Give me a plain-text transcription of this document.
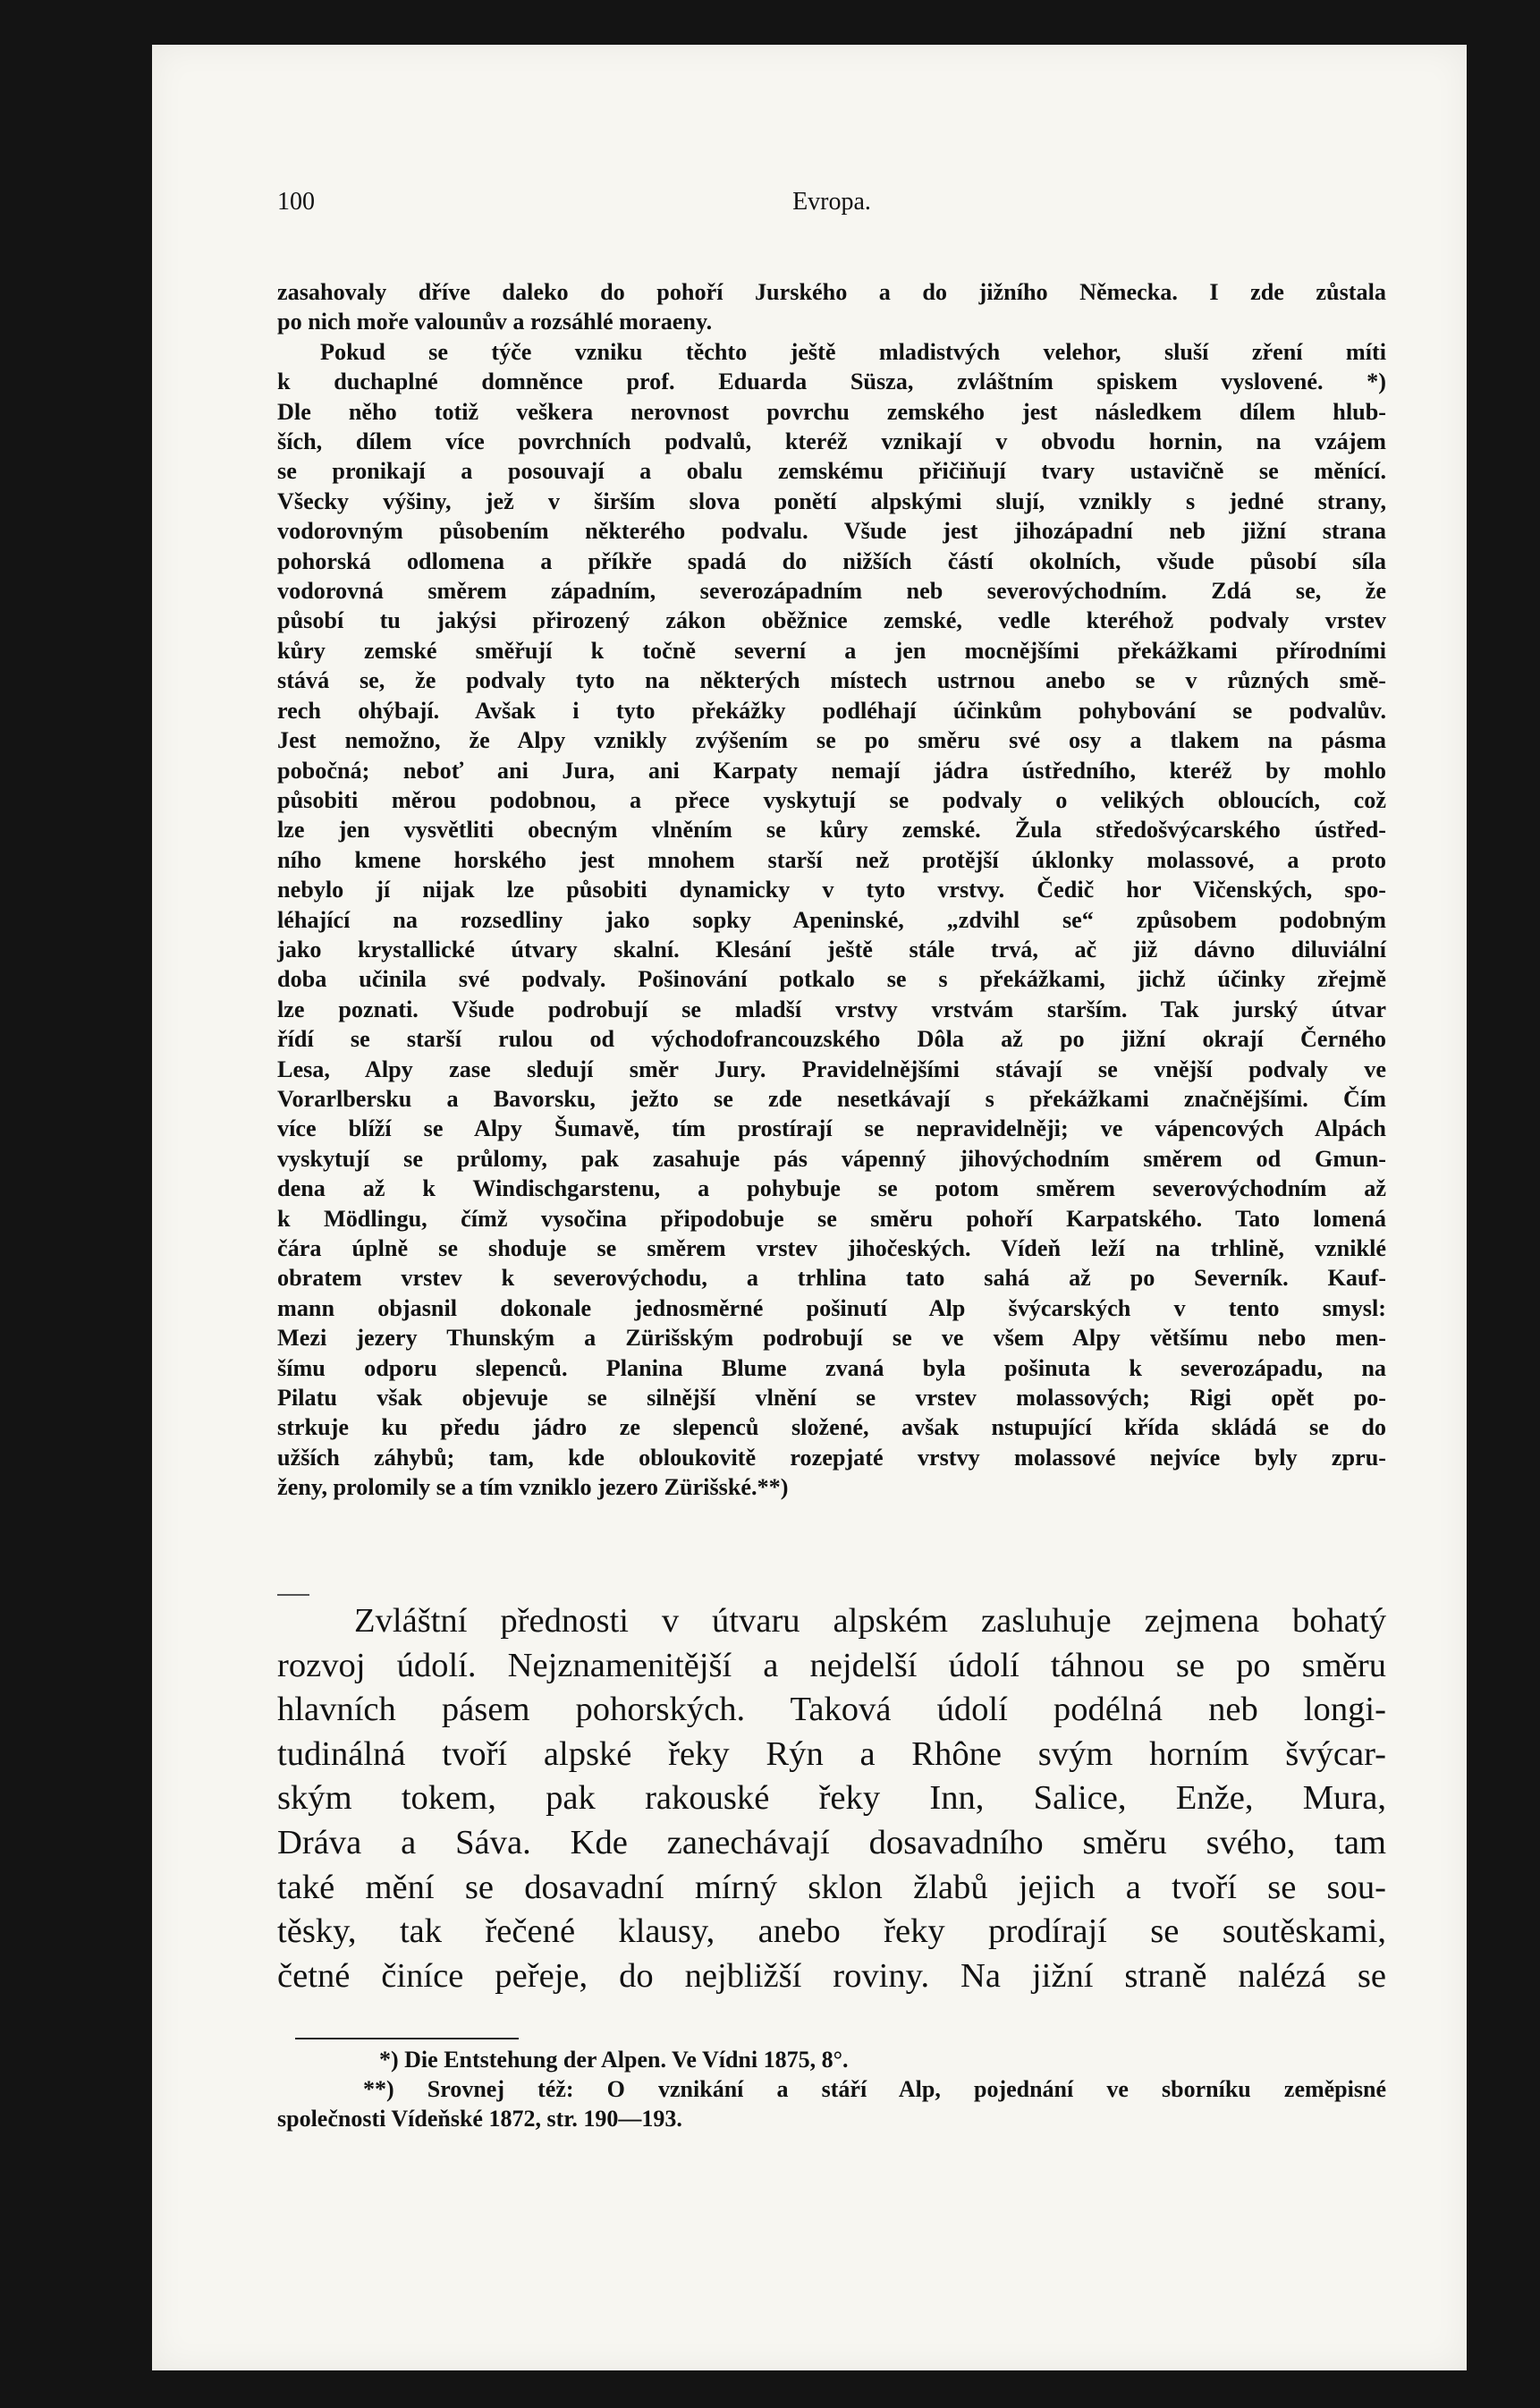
100	Evropa.

zasahovaly dříve daleko do pohoří Jurského a do jižního Německa. I zde zůstala

po nich moře valounův a rozsáhlé moraeny.

Pokud se týče vzniku těchto ještě mladistvých velehor, sluší zření míti

k duchaplné domněnce prof. Eduarda Süsza, zvláštním spiskem vyslovené. *)

Dle něho totiž veškera nerovnost povrchu zemského jest následkem dílem hlub-

ších, dílem více povrchních podvalů, kteréž vznikají v obvodu hornin, na vzájem

se pronikají a posouvají a obalu zemskému přičiňují tvary ustavičně se měnící.

Všecky výšiny, jež v širším slova ponětí alpskými slují, vznikly s jedné strany,

vodorovným působením některého podvalu. Všude jest jihozápadní neb jižní strana

pohorská odlomena a příkře spadá do nižších částí okolních, všude působí síla

vodorovná směrem západním, severozápadním neb severovýchodním. Zdá se, že

působí tu jakýsi přirozený zákon oběžnice zemské, vedle kteréhož podvaly vrstev

kůry zemské směřují k točně severní a jen mocnějšími překážkami přírodními

stává se, že podvaly tyto na některých místech ustrnou anebo se v různých smě-

rech ohýbají. Avšak i tyto překážky podléhají účinkům pohybování se podvalův.

Jest nemožno, že Alpy vznikly zvýšením se po směru své osy a tlakem na pásma

pobočná; neboť ani Jura, ani Karpaty nemají jádra ústředního, kteréž by mohlo

působiti měrou podobnou, a přece vyskytují se podvaly o velikých obloucích, což

lze jen vysvětliti obecným vlněním se kůry zemské. Žula středošvýcarského ústřed-

ního kmene horského jest mnohem starší než protější úklonky molassové, a proto

nebylo jí nijak lze působiti dynamicky v tyto vrstvy. Čedič hor Vičenských, spo-

léhající na rozsedliny jako sopky Apeninské, „zdvihl se“ způsobem podobným

jako krystallické útvary skalní. Klesání ještě stále trvá, ač již dávno diluviální

doba učinila své podvaly. Pošinování potkalo se s překážkami, jichž účinky zřejmě

lze poznati. Všude podrobují se mladší vrstvy vrstvám starším. Tak jurský útvar

řídí se starší rulou od východofrancouzského Dôla až po jižní okrají Černého

Lesa, Alpy zase sledují směr Jury. Pravidelnějšími stávají se vnější podvaly ve

Vorarlbersku a Bavorsku, ježto se zde nesetkávají s překážkami značnějšími. Čím

více blíží se Alpy Šumavě, tím prostírají se nepravidelněji; ve vápencových Alpách

vyskytují se průlomy, pak zasahuje pás vápenný jihovýchodním směrem od Gmun-

dena až k Windischgarstenu, a pohybuje se potom směrem severovýchodním až

k Mödlingu, čímž vysočina připodobuje se směru pohoří Karpatského. Tato lomená

čára úplně se shoduje se směrem vrstev jihočeských. Vídeň leží na trhlině, vzniklé

obratem vrstev k severovýchodu, a trhlina tato sahá až po Severník. Kauf-

mann objasnil dokonale jednosměrné pošinutí Alp švýcarských v tento smysl:

Mezi jezery Thunským a Zürišským podrobují se ve všem Alpy většímu nebo men-

šímu odporu slepenců. Planina Blume zvaná byla pošinuta k severozápadu, na

Pilatu však objevuje se silnější vlnění se vrstev molassových; Rigi opět po-

strkuje ku předu jádro ze slepenců složené, avšak nstupující křída skládá se do

užších záhybů; tam, kde obloukovitě rozepjaté vrstvy molassové nejvíce byly zpru-

ženy, prolomily se a tím vzniklo jezero Zürišské.**)

Zvláštní přednosti v útvaru alpském zasluhuje zejmena bohatý

rozvoj údolí. Nejznamenitější a nejdelší údolí táhnou se po směru

hlavních pásem pohorských. Taková údolí podélná neb longi-

tudinálná tvoří alpské řeky Rýn a Rhône svým horním švýcar-

ským tokem, pak rakouské řeky Inn, Salice, Enže, Mura,

Dráva a Sáva. Kde zanechávají dosavadního směru svého, tam

také mění se dosavadní mírný sklon žlabů jejich a tvoří se sou-

těsky, tak řečené klausy, anebo řeky prodírají se soutěskami,

četné činíce peřeje, do nejbližší roviny. Na jižní straně nalézá se

*) Die Entstehung der Alpen. Ve Vídni 1875, 8°.

**) Srovnej též: O vznikání a stáří Alp, pojednání ve sborníku zeměpisné

společnosti Vídeňské 1872, str. 190—193.
